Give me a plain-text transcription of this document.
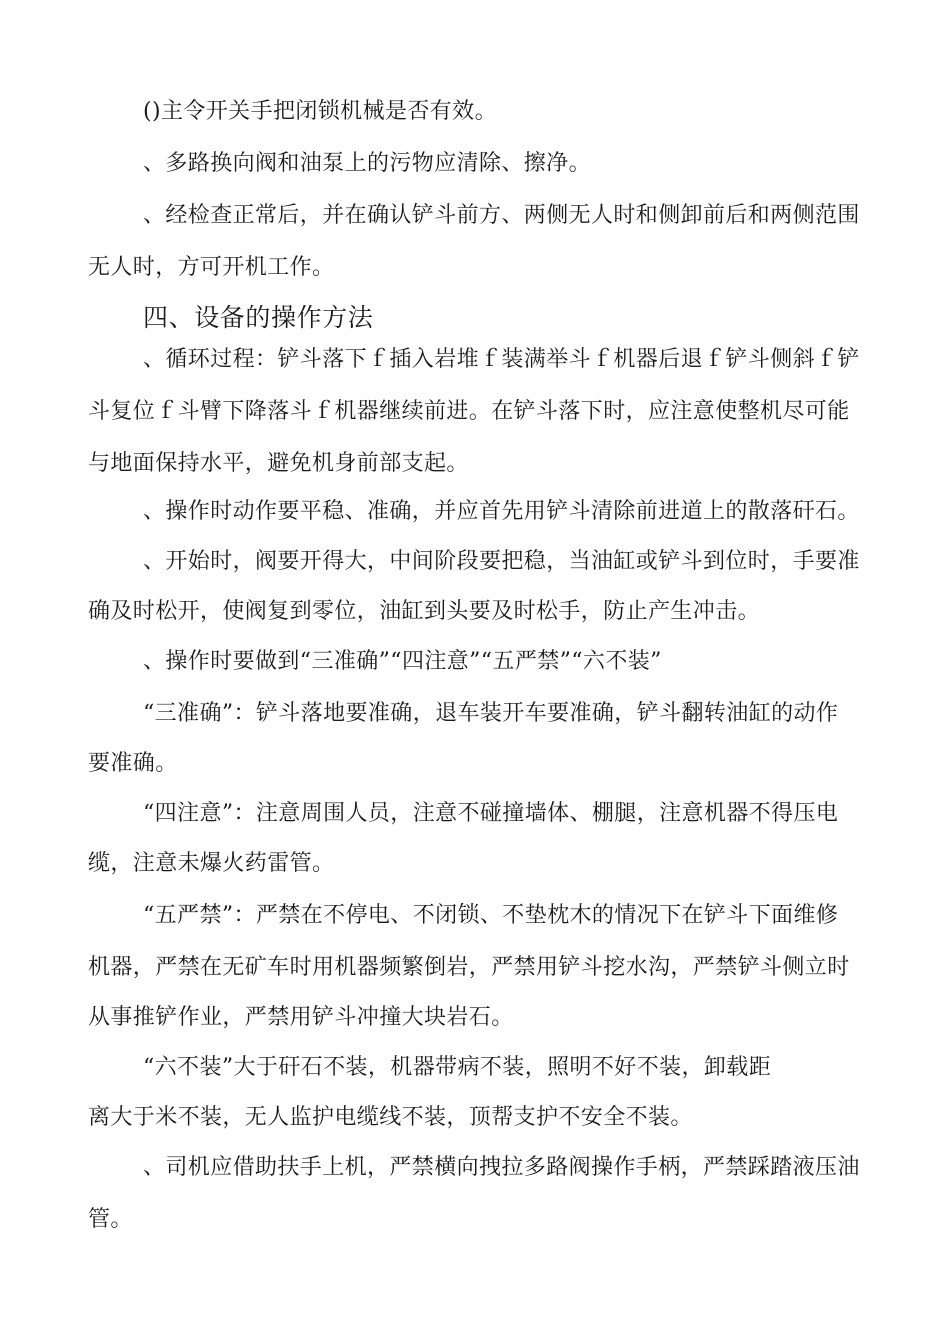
()主令开关手把闭锁机械是否有效。
、多路换向阀和油泵上的污物应清除、擦净。
、经检查正常后，并在确认铲斗前方、两侧无人时和侧卸前后和两侧范围
无人时，方可开机工作。
四、设备的操作方法
、循环过程：铲斗落下ｆ插入岩堆ｆ装满举斗ｆ机器后退ｆ铲斗侧斜ｆ铲
斗复位ｆ斗臂下降落斗ｆ机器继续前进。在铲斗落下时，应注意使整机尽可能
与地面保持水平，避免机身前部支起。
、操作时动作要平稳、准确，并应首先用铲斗清除前进道上的散落矸石。
、开始时，阀要开得大，中间阶段要把稳，当油缸或铲斗到位时，手要准
确及时松开，使阀复到零位，油缸到头要及时松手，防止产生冲击。
、操作时要做到“三准确”“四注意”“五严禁”“六不装”
“三准确”：铲斗落地要准确，退车装开车要准确，铲斗翻转油缸的动作
要准确。
“四注意”：注意周围人员，注意不碰撞墙体、棚腿，注意机器不得压电
缆，注意未爆火药雷管。
“五严禁”：严禁在不停电、不闭锁、不垫枕木的情况下在铲斗下面维修
机器，严禁在无矿车时用机器频繁倒岩，严禁用铲斗挖水沟，严禁铲斗侧立时
从事推铲作业，严禁用铲斗冲撞大块岩石。
“六不装”大于矸石不装，机器带病不装，照明不好不装，卸载距
离大于米不装，无人监护电缆线不装，顶帮支护不安全不装。
、司机应借助扶手上机，严禁横向拽拉多路阀操作手柄，严禁踩踏液压油
管。
